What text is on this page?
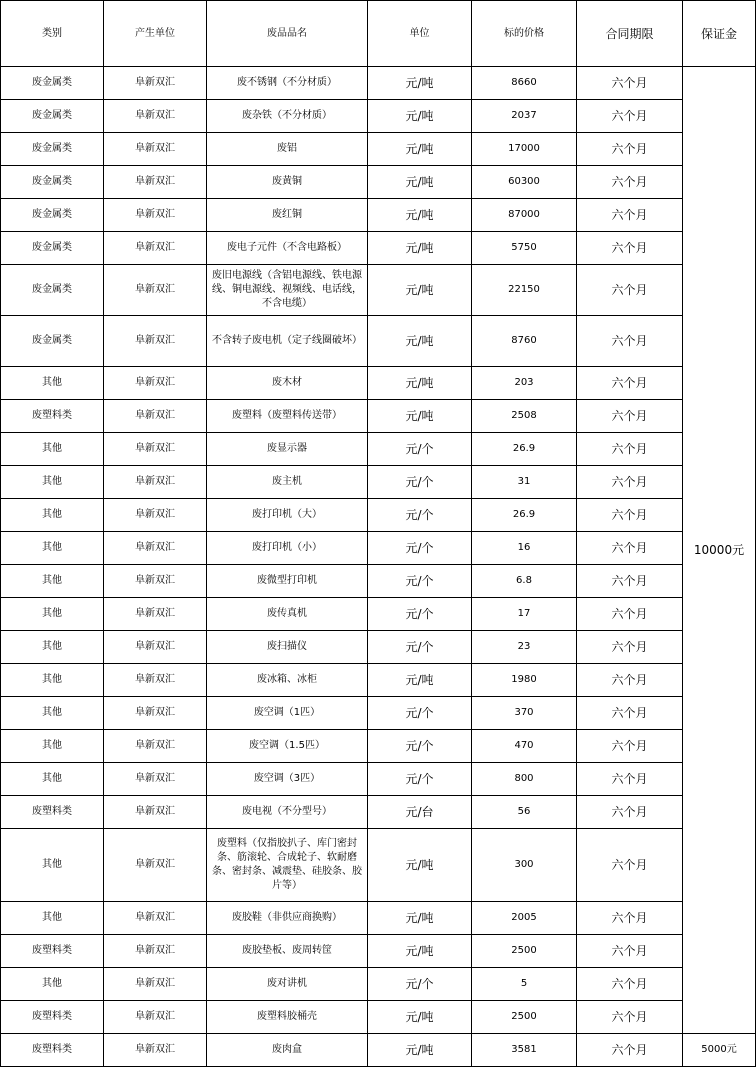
类别	产生单位	废品品名	单位	标的价格	合同期限	保证金
废金属类	阜新双汇	废不锈钢（不分材质）	元/吨	8660	六个月	10000元
废金属类	阜新双汇	废杂铁（不分材质）	元/吨	2037	六个月	
废金属类	阜新双汇	废铝	元/吨	17000	六个月	
废金属类	阜新双汇	废黄铜	元/吨	60300	六个月	
废金属类	阜新双汇	废红铜	元/吨	87000	六个月	
废金属类	阜新双汇	废电子元件（不含电路板）	元/吨	5750	六个月	
废金属类	阜新双汇	废旧电源线（含铝电源线、铁电源线、铜电源线、视频线、电话线，不含电缆）	元/吨	22150	六个月	
废金属类	阜新双汇	不含转子废电机（定子线圈破坏）	元/吨	8760	六个月	
其他	阜新双汇	废木材	元/吨	203	六个月	
废塑料类	阜新双汇	废塑料（废塑料传送带）	元/吨	2508	六个月	
其他	阜新双汇	废显示器	元/个	26.9	六个月	
其他	阜新双汇	废主机	元/个	31	六个月	
其他	阜新双汇	废打印机（大）	元/个	26.9	六个月	
其他	阜新双汇	废打印机（小）	元/个	16	六个月	
其他	阜新双汇	废微型打印机	元/个	6.8	六个月	
其他	阜新双汇	废传真机	元/个	17	六个月	
其他	阜新双汇	废扫描仪	元/个	23	六个月	
其他	阜新双汇	废冰箱、冰柜	元/吨	1980	六个月	
其他	阜新双汇	废空调（1匹）	元/个	370	六个月	
其他	阜新双汇	废空调（1.5匹）	元/个	470	六个月	
其他	阜新双汇	废空调（3匹）	元/个	800	六个月	
废塑料类	阜新双汇	废电视（不分型号）	元/台	56	六个月	
其他	阜新双汇	废塑料（仅指胶扒子、库门密封条、筋滚轮、合成轮子、软耐磨条、密封条、减震垫、硅胶条、胶片等）	元/吨	300	六个月	
其他	阜新双汇	废胶鞋（非供应商换购）	元/吨	2005	六个月	
废塑料类	阜新双汇	废胶垫板、废周转筐	元/吨	2500	六个月	
其他	阜新双汇	废对讲机	元/个	5	六个月	
废塑料类	阜新双汇	废塑料胶桶壳	元/吨	2500	六个月	
废塑料类	阜新双汇	废肉盒	元/吨	3581	六个月	5000元
